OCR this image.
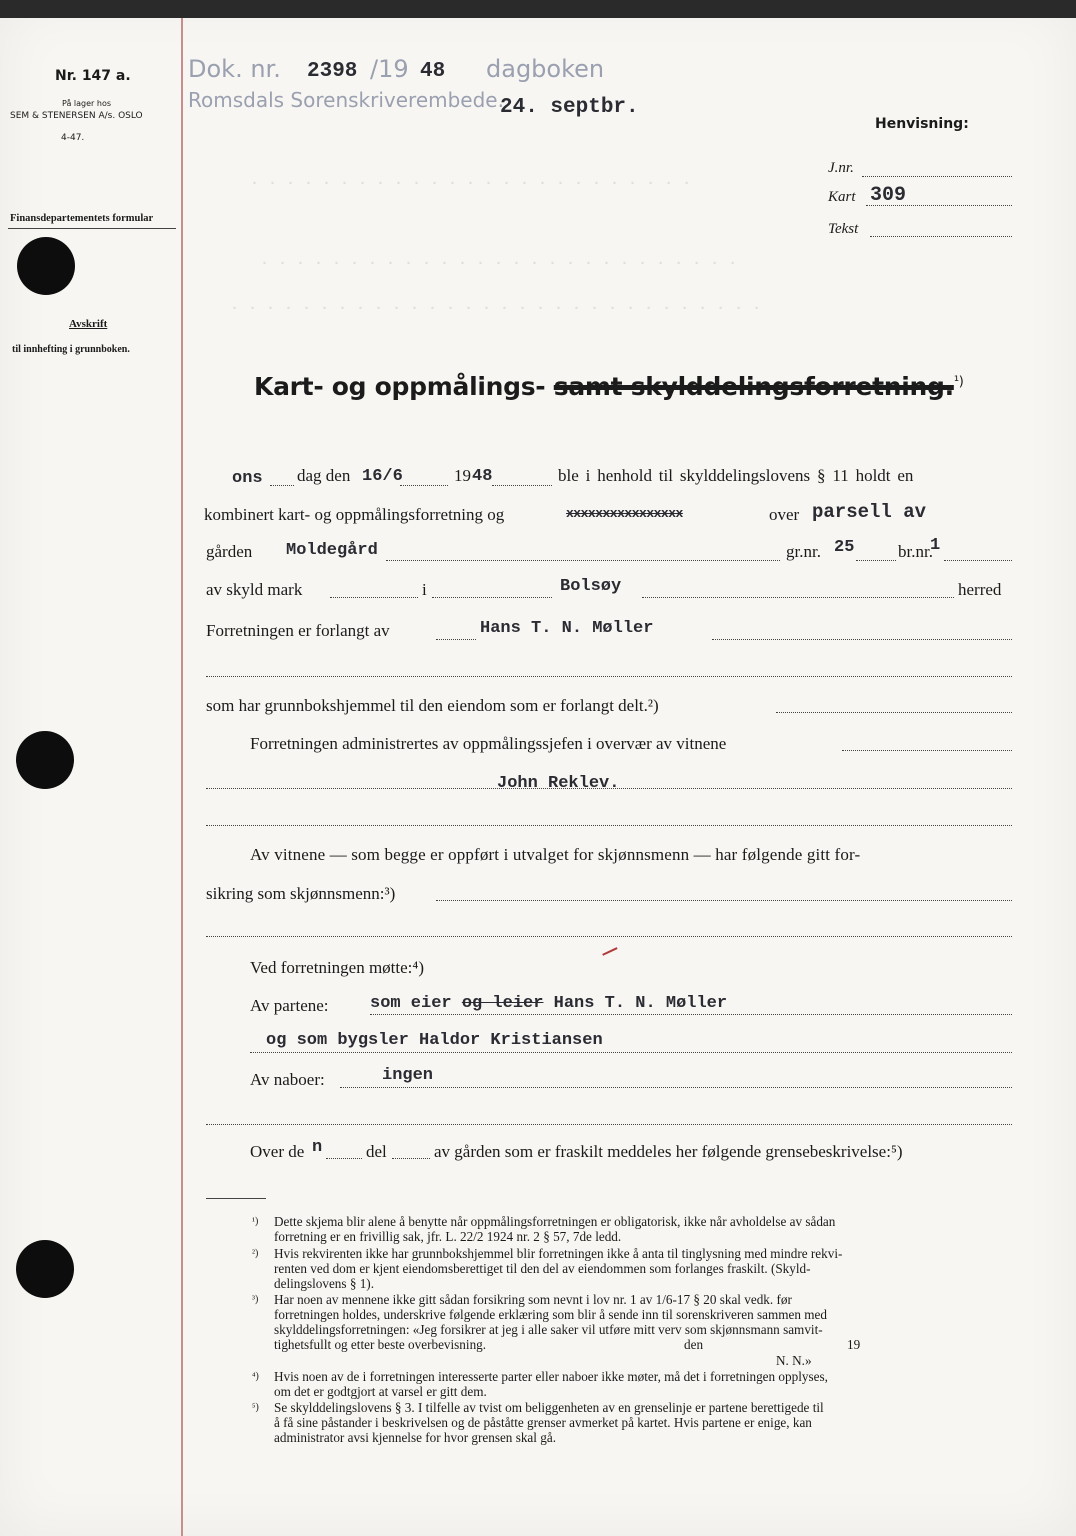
Nr. 147 a.
På lager hos
SEM & STENERSEN A/s. OSLO
4-47.
Finansdepartementets formular
Avskrift
til innhefting i grunnboken.
Dok. nr. 2398 /19 48 dagboken
Romsdals Sorenskriverembede.
24. septbr.
Henvisning:
J.nr.
Kart 309
Tekst
· · · · · · · · · · · · · · · · · · · · · · · · ·
· · · · · · · · · · · · · · · · · · · · · · · · · · ·
· · · · · · · · · · · · · · · · · · · · · · · · · · · · · ·
Kart- og oppmålings- samt skylddelingsforretning.$^{^1)}$
ons dag den 16/6	19 48	ble i henhold til skylddelingslovens § 11 holdt en
kombinert kart- og oppmålingsforretning og	xxxxxxxxxxxxxxxx	over parsell av
gården Moldegård	gr.nr. 25	br.nr.
1
av skyld mark	i	Bolsøy	herred
Forretningen er forlangt av	Hans T. N. Møller
som har grunnbokshjemmel til den eiendom som er forlangt delt.²)
Forretningen administrertes av oppmålingssjefen i overvær av vitnene
John Reklev.
Av vitnene — som begge er oppført i utvalget for skjønnsmenn — har følgende gitt for-
sikring som skjønnsmenn:³)
Ved forretningen møtte:⁴)
Av partene: som eier og leier Hans T. N. Møller
og som bygsler Haldor Kristiansen
Av naboer:	ingen
Over de n	del	av gården som er fraskilt meddeles her følgende grensebeskrivelse:⁵)
¹) Dette skjema blir alene å benytte når oppmålingsforretningen er obligatorisk, ikke når avholdelse av sådan
forretning er en frivillig sak, jfr. L. 22/2 1924 nr. 2 § 57, 7de ledd.
²) Hvis rekvirenten ikke har grunnbokshjemmel blir forretningen ikke å anta til tinglysning med mindre rekvi-
renten ved dom er kjent eiendomsberettiget til den del av eiendommen som forlanges fraskilt. (Skyld-
delingslovens § 1).
³) Har noen av mennene ikke gitt sådan forsikring som nevnt i lov nr. 1 av 1/6-17 § 20 skal vedk. før
forretningen holdes, underskrive følgende erklæring som blir å sende inn til sorenskriveren sammen med
skylddelingsforretningen: «Jeg forsikrer at jeg i alle saker vil utføre mitt verv som skjønnsmann samvit-
tighetsfullt og etter beste overbevisning.	den	19
N. N.»
⁴) Hvis noen av de i forretningen interesserte parter eller naboer ikke møter, må det i forretningen opplyses,
om det er godtgjort at varsel er gitt dem.
⁵) Se skylddelingslovens § 3. I tilfelle av tvist om beliggenheten av en grenselinje er partene berettigede til
å få sine påstander i beskrivelsen og de påståtte grenser avmerket på kartet. Hvis partene er enige, kan
administrator avsi kjennelse for hvor grensen skal gå.
